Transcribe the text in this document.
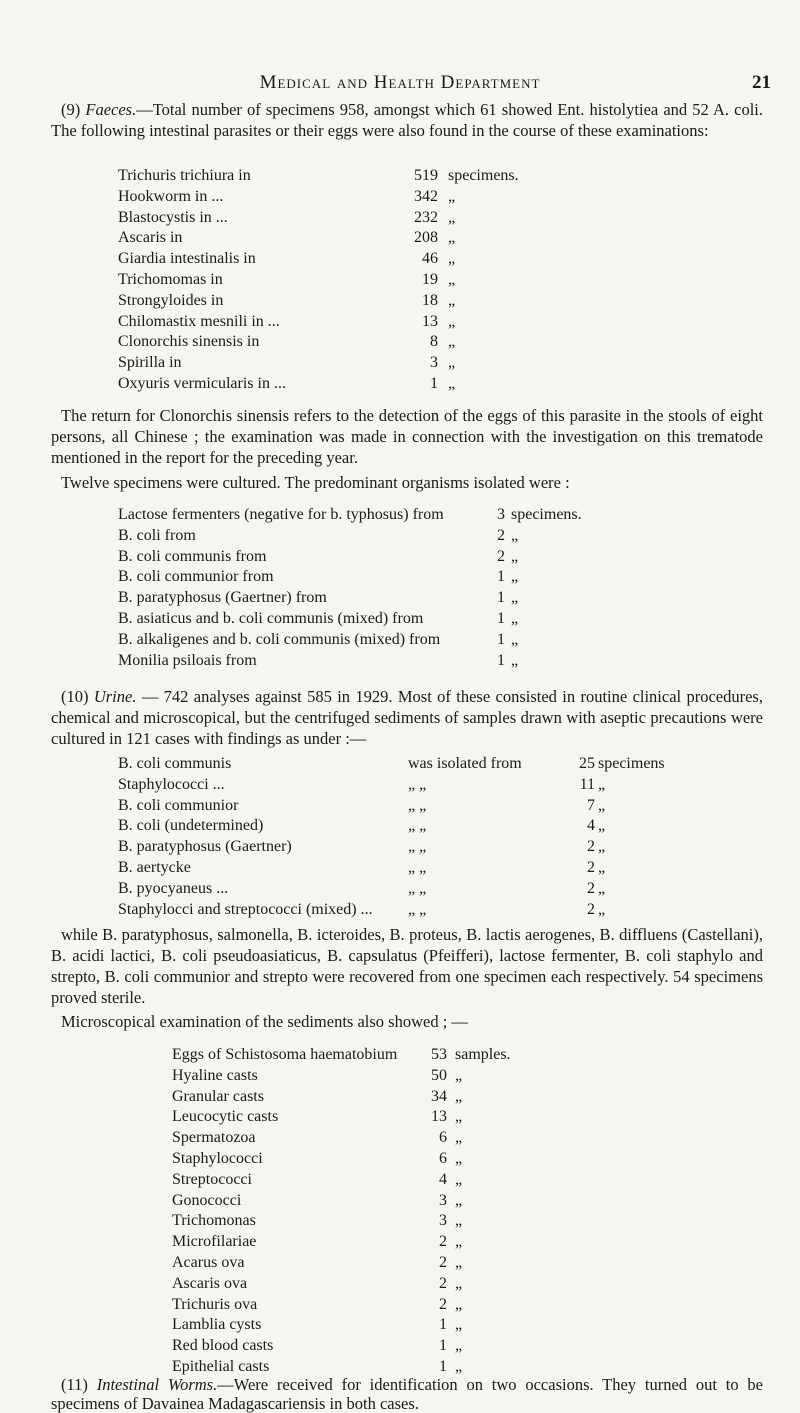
Medical and Health Department	21

(9) Faeces.—Total number of specimens 958, amongst which 61 showed Ent. histolytiea and 52 A. coli. The following intestinal parasites or their eggs were also found in the course of these examinations:

Trichuris trichiura in	519 specimens.
Hookworm in ...	342 „
Blastocystis in ...	232 „
Ascaris in	208 „
Giardia intestinalis in	46 „
Trichomomas in	19 „
Strongyloides in	18 „
Chilomastix mesnili in ...	13 „
Clonorchis sinensis in	8 „
Spirilla in	3 „
Oxyuris vermicularis in ...	1 „

The return for Clonorchis sinensis refers to the detection of the eggs of this parasite in the stools of eight persons, all Chinese ; the examination was made in connection with the investigation on this trematode mentioned in the report for the preceding year.

Twelve specimens were cultured. The predominant organisms isolated were :

Lactose fermenters (negative for b. typhosus) from	3 specimens.
B. coli from	2 „
B. coli communis from	2 „
B. coli communior from	1 „
B. paratyphosus (Gaertner) from	1 „
B. asiaticus and b. coli communis (mixed) from	1 „
B. alkaligenes and b. coli communis (mixed) from	1 „
Monilia psiloais from	1 „

(10) Urine. — 742 analyses against 585 in 1929. Most of these consisted in routine clinical procedures, chemical and microscopical, but the centrifuged sediments of samples drawn with aseptic precautions were cultured in 121 cases with findings as under :—

B. coli communis	was isolated from	25 specimens
Staphylococci ...	„ „	11 „
B. coli communior	„ „	7 „
B. coli (undetermined)	„ „	4 „
B. paratyphosus (Gaertner)	„ „	2 „
B. aertycke	„ „	2 „
B. pyocyaneus ...	„ „	2 „
Staphylocci and streptococci (mixed) ... „ „	2 „

while B. paratyphosus, salmonella, B. icteroides, B. proteus, B. lactis aerogenes, B. diffluens (Castellani), B. acidi lactici, B. coli pseudoasiaticus, B. capsulatus (Pfeifferi), lactose fermenter, B. coli staphylo and strepto, B. coli communior and strepto were recovered from one specimen each respectively. 54 specimens proved sterile.

Microscopical examination of the sediments also showed ; —

Eggs of Schistosoma haematobium	53 samples.
Hyaline casts	50 „
Granular casts	34 „
Leucocytic casts	13 „
Spermatozoa	6 „
Staphylococci	6 „
Streptococci	4 „
Gonococci	3 „
Trichomonas	3 „
Microfilariae	2 „
Acarus ova	2 „
Ascaris ova	2 „
Trichuris ova	2 „
Lamblia cysts	1 „
Red blood casts	1 „
Epithelial casts	1 „

(11) Intestinal Worms.—Were received for identification on two occasions. They turned out to be specimens of Davainea Madagascariensis in both cases.
